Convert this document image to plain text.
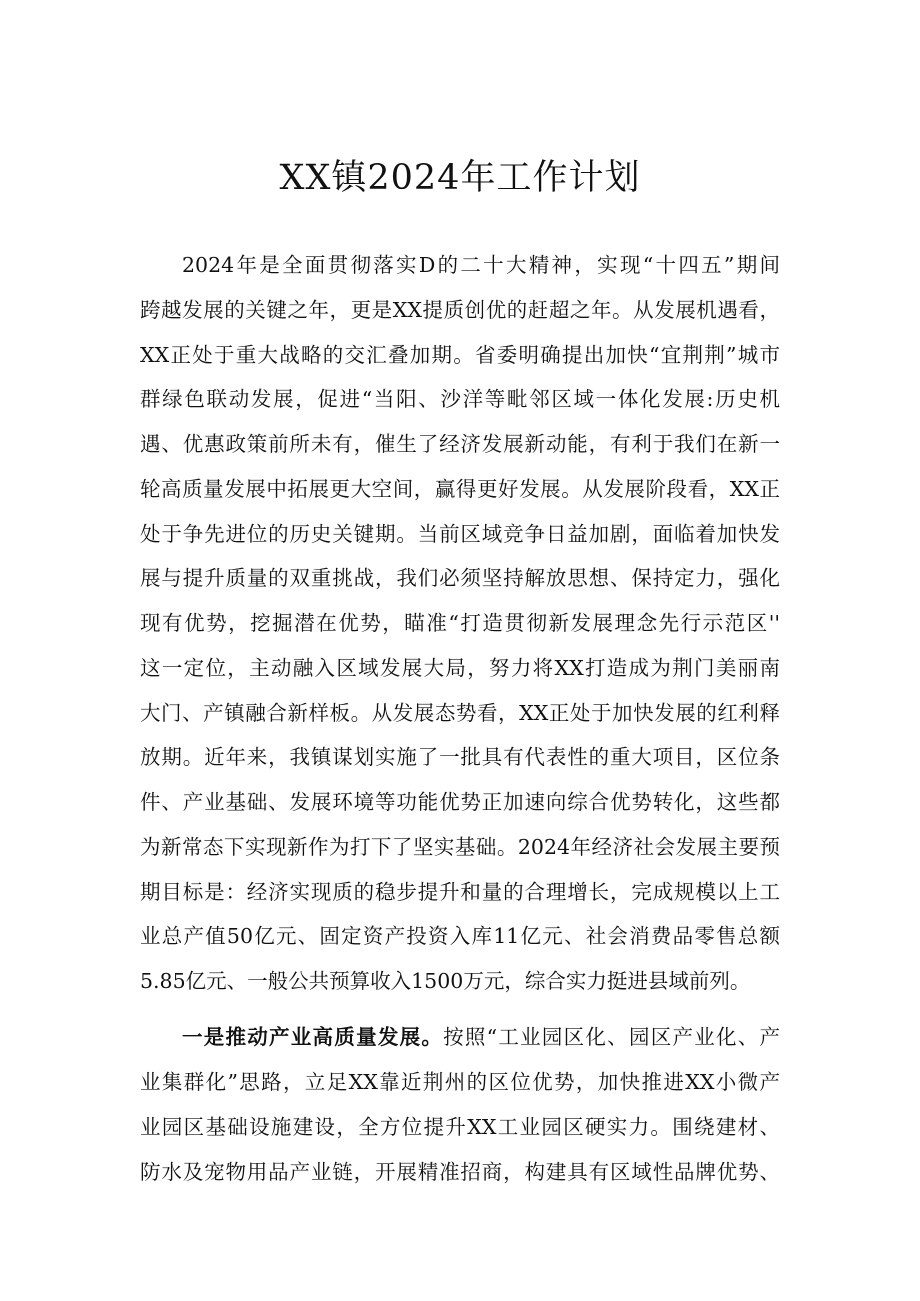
XX镇2024年工作计划
2024年是全面贯彻落实D的二十大精神，实现“十四五”期间
跨越发展的关键之年，更是XX提质创优的赶超之年。从发展机遇看，
XX正处于重大战略的交汇叠加期。省委明确提出加快“宜荆荆”城市
群绿色联动发展，促进“当阳、沙洋等毗邻区域一体化发展:历史机
遇、优惠政策前所未有，催生了经济发展新动能，有利于我们在新一
轮高质量发展中拓展更大空间，赢得更好发展。从发展阶段看，XX正
处于争先进位的历史关键期。当前区域竞争日益加剧，面临着加快发
展与提升质量的双重挑战，我们必须坚持解放思想、保持定力，强化
现有优势，挖掘潜在优势，瞄准“打造贯彻新发展理念先行示范区''
这一定位，主动融入区域发展大局，努力将XX打造成为荆门美丽南
大门、产镇融合新样板。从发展态势看，XX正处于加快发展的红利释
放期。近年来，我镇谋划实施了一批具有代表性的重大项目，区位条
件、产业基础、发展环境等功能优势正加速向综合优势转化，这些都
为新常态下实现新作为打下了坚实基础。2024年经济社会发展主要预
期目标是：经济实现质的稳步提升和量的合理增长，完成规模以上工
业总产值50亿元、固定资产投资入库11亿元、社会消费品零售总额
5.85亿元、一般公共预算收入1500万元，综合实力挺进县域前列。
一是推动产业高质量发展。按照“工业园区化、园区产业化、产
业集群化”思路，立足XX靠近荆州的区位优势，加快推进XX小微产
业园区基础设施建设，全方位提升XX工业园区硬实力。围绕建材、
防水及宠物用品产业链，开展精准招商，构建具有区域性品牌优势、
